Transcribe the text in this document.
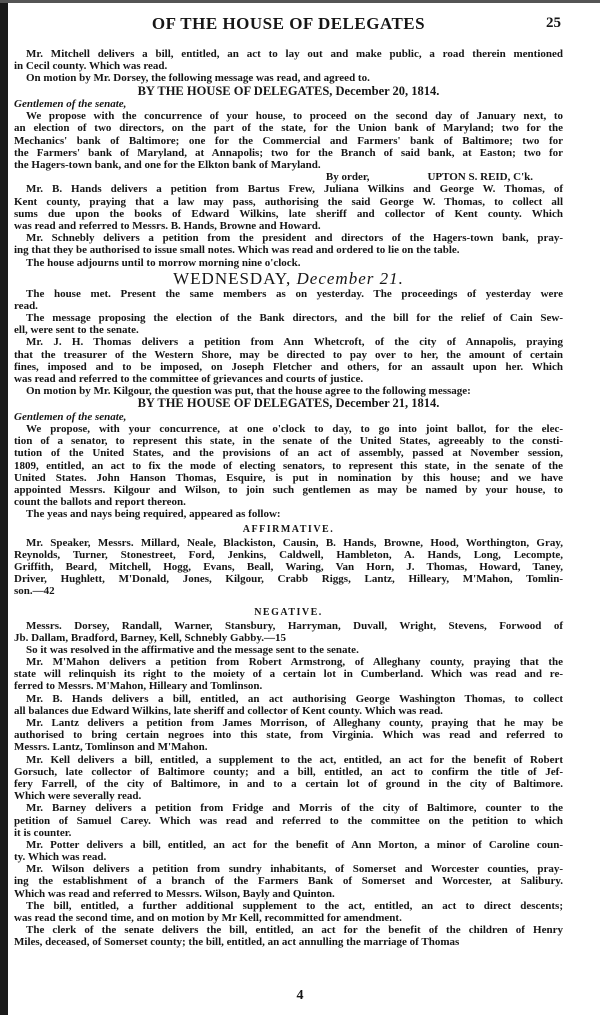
OF THE HOUSE OF DELEGATES	25
Mr. Mitchell delivers a bill, entitled, an act to lay out and make public, a road therein mentioned
in Cecil county. Which was read.
On motion by Mr. Dorsey, the following message was read, and agreed to.
BY THE HOUSE OF DELEGATES, December 20, 1814.
Gentlemen of the senate,
We propose with the concurrence of your house, to proceed on the second day of January next, to
an election of two directors, on the part of the state, for the Union bank of Maryland; two for the
Mechanics' bank of Baltimore; one for the Commercial and Farmers' bank of Baltimore; two for
the Farmers' bank of Maryland, at Annapolis; two for the Branch of said bank, at Easton; two for
the Hagers-town bank, and one for the Elkton bank of Maryland.
By order,	UPTON S. REID, C'k.
Mr. B. Hands delivers a petition from Bartus Frew, Juliana Wilkins and George W. Thomas, of
Kent county, praying that a law may pass, authorising the said George W. Thomas, to collect all
sums due upon the books of Edward Wilkins, late sheriff and collector of Kent county. Which
was read and referred to Messrs. B. Hands, Browne and Howard.
Mr. Schnebly delivers a petition from the president and directors of the Hagers-town bank, pray-
ing that they be authorised to issue small notes. Which was read and ordered to lie on the table.
The house adjourns until to morrow morning nine o'clock.
WEDNESDAY, December 21.
The house met. Present the same members as on yesterday. The proceedings of yesterday were
read.
The message proposing the election of the Bank directors, and the bill for the relief of Cain Sew-
ell, were sent to the senate.
Mr. J. H. Thomas delivers a petition from Ann Whetcroft, of the city of Annapolis, praying
that the treasurer of the Western Shore, may be directed to pay over to her, the amount of certain
fines, imposed and to be imposed, on Joseph Fletcher and others, for an assault upon her. Which
was read and referred to the committee of grievances and courts of justice.
On motion by Mr. Kilgour, the question was put, that the house agree to the following message:
BY THE HOUSE OF DELEGATES, December 21, 1814.
Gentlemen of the senate,
We propose, with your concurrence, at one o'clock to day, to go into joint ballot, for the elec-
tion of a senator, to represent this state, in the senate of the United States, agreeably to the consti-
tution of the United States, and the provisions of an act of assembly, passed at November session,
1809, entitled, an act to fix the mode of electing senators, to represent this state, in the senate of the
United States. John Hanson Thomas, Esquire, is put in nomination by this house; and we have
appointed Messrs. Kilgour and Wilson, to join such gentlemen as may be named by your house, to
count the ballots and report thereon.
The yeas and nays being required, appeared as follow:
AFFIRMATIVE.
Mr. Speaker, Messrs. Millard, Neale, Blackiston, Causin, B. Hands, Browne, Hood, Worthington, Gray,
Reynolds, Turner, Stonestreet, Ford, Jenkins, Caldwell, Hambleton, A. Hands, Long, Lecompte,
Griffith, Beard, Mitchell, Hogg, Evans, Beall, Waring, Van Horn, J. Thomas, Howard, Taney,
Driver, Hughlett, M'Donald, Jones, Kilgour, Crabb Riggs, Lantz, Hilleary, M'Mahon, Tomlin-
son.—42
NEGATIVE.
Messrs. Dorsey, Randall, Warner, Stansbury, Harryman, Duvall, Wright, Stevens, Forwood of
Jb. Dallam, Bradford, Barney, Kell, Schnebly Gabby.—15
So it was resolved in the affirmative and the message sent to the senate.
Mr. M'Mahon delivers a petition from Robert Armstrong, of Alleghany county, praying that the
state will relinquish its right to the moiety of a certain lot in Cumberland. Which was read and re-
ferred to Messrs. M'Mahon, Hilleary and Tomlinson.
Mr. B. Hands delivers a bill, entitled, an act authorising George Washington Thomas, to collect
all balances due Edward Wilkins, late sheriff and collector of Kent county. Which was read.
Mr. Lantz delivers a petition from James Morrison, of Alleghany county, praying that he may be
authorised to bring certain negroes into this state, from Virginia. Which was read and referred to
Messrs. Lantz, Tomlinson and M'Mahon.
Mr. Kell delivers a bill, entitled, a supplement to the act, entitled, an act for the benefit of Robert
Gorsuch, late collector of Baltimore county; and a bill, entitled, an act to confirm the title of Jef-
fery Farrell, of the city of Baltimore, in and to a certain lot of ground in the city of Baltimore.
Which were severally read.
Mr. Barney delivers a petition from Fridge and Morris of the city of Baltimore, counter to the
petition of Samuel Carey. Which was read and referred to the committee on the petition to which
it is counter.
Mr. Potter delivers a bill, entitled, an act for the benefit of Ann Morton, a minor of Caroline coun-
ty. Which was read.
Mr. Wilson delivers a petition from sundry inhabitants, of Somerset and Worcester counties, pray-
ing the establishment of a branch of the Farmers Bank of Somerset and Worcester, at Salibury.
Which was read and referred to Messrs. Wilson, Bayly and Quinton.
The bill, entitled, a further additional supplement to the act, entitled, an act to direct descents;
was read the second time, and on motion by Mr Kell, recommitted for amendment.
The clerk of the senate delivers the bill, entitled, an act for the benefit of the children of Henry
Miles, deceased, of Somerset county; the bill, entitled, an act annulling the marriage of Thomas
4
